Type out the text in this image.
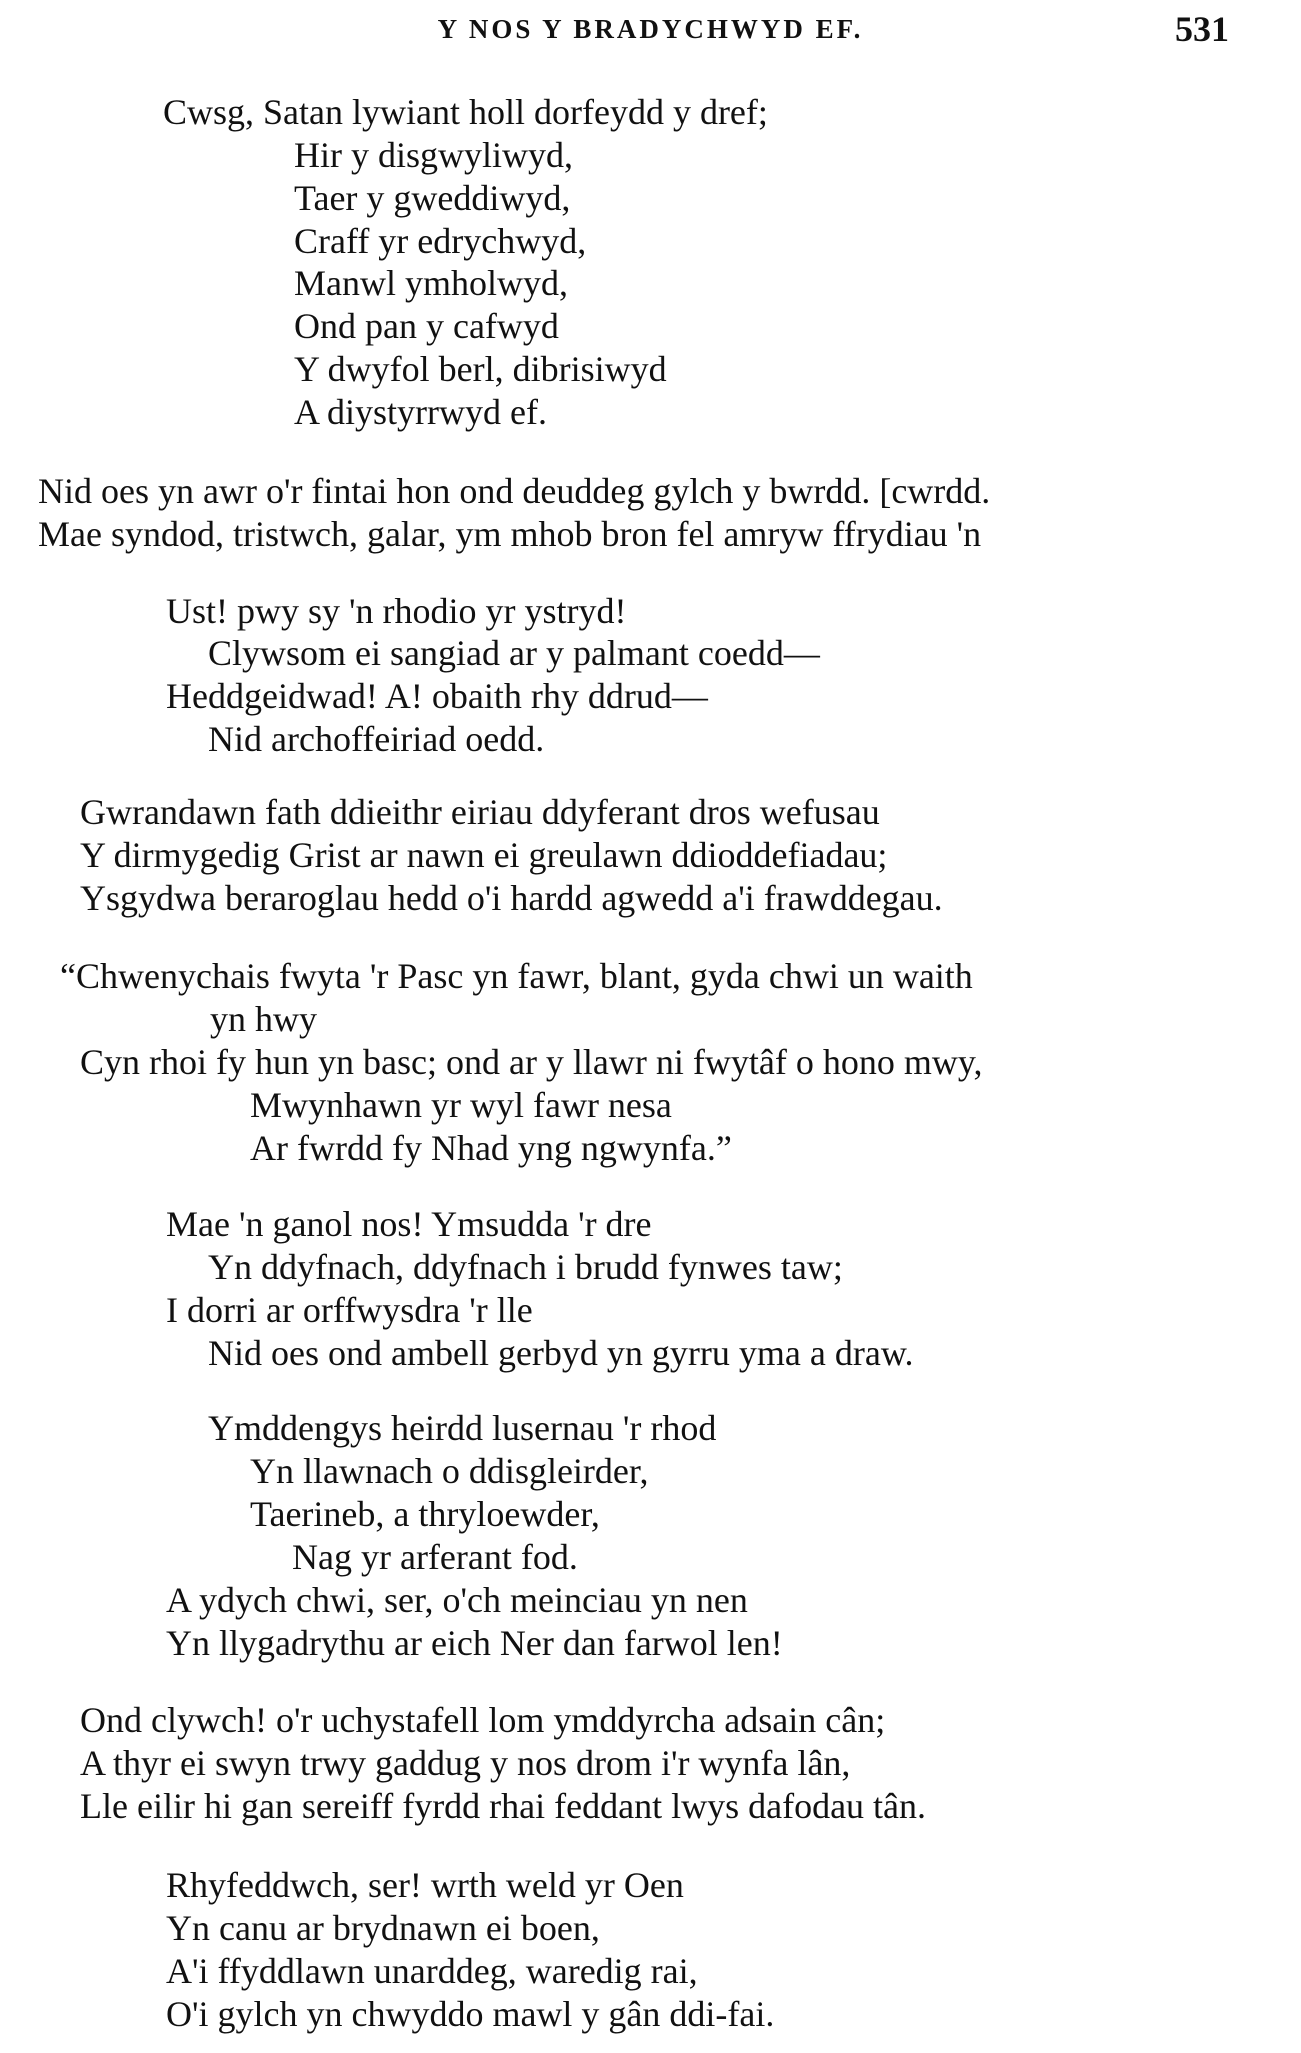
Y NOS Y BRADYCHWYD EF.	531
Cwsg, Satan lywiant holl dorfeydd y dref;
Hir y disgwyliwyd,
Taer y gweddiwyd,
Craff yr edrychwyd,
Manwl ymholwyd,
Ond pan y cafwyd
Y dwyfol berl, dibrisiwyd
A diystyrrwyd ef.
Nid oes yn awr o'r fintai hon ond deuddeg gylch y bwrdd. [cwrdd.
Mae syndod, tristwch, galar, ym mhob bron fel amryw ffrydiau 'n
Ust! pwy sy 'n rhodio yr ystryd!
Clywsom ei sangiad ar y palmant coedd—
Heddgeidwad! A! obaith rhy ddrud—
Nid archoffeiriad oedd.
Gwrandawn fath ddieithr eiriau ddyferant dros wefusau
Y dirmygedig Grist ar nawn ei greulawn ddioddefiadau;
Ysgydwa beraroglau hedd o'i hardd agwedd a'i frawddegau.
“Chwenychais fwyta 'r Pasc yn fawr, blant, gyda chwi un waith
yn hwy
Cyn rhoi fy hun yn basc; ond ar y llawr ni fwytâf o hono mwy,
Mwynhawn yr wyl fawr nesa
Ar fwrdd fy Nhad yng ngwynfa.”
Mae 'n ganol nos! Ymsudda 'r dre
Yn ddyfnach, ddyfnach i brudd fynwes taw;
I dorri ar orffwysdra 'r lle
Nid oes ond ambell gerbyd yn gyrru yma a draw.
Ymddengys heirdd lusernau 'r rhod
Yn llawnach o ddisgleirder,
Taerineb, a thryloewder,
Nag yr arferant fod.
A ydych chwi, ser, o'ch meinciau yn nen
Yn llygadrythu ar eich Ner dan farwol len!
Ond clywch! o'r uchystafell lom ymddyrcha adsain cân;
A thyr ei swyn trwy gaddug y nos drom i'r wynfa lân,
Lle eilir hi gan sereiff fyrdd rhai feddant lwys dafodau tân.
Rhyfeddwch, ser! wrth weld yr Oen
Yn canu ar brydnawn ei boen,
A'i ffyddlawn unarddeg, waredig rai,
O'i gylch yn chwyddo mawl y gân ddi-fai.
